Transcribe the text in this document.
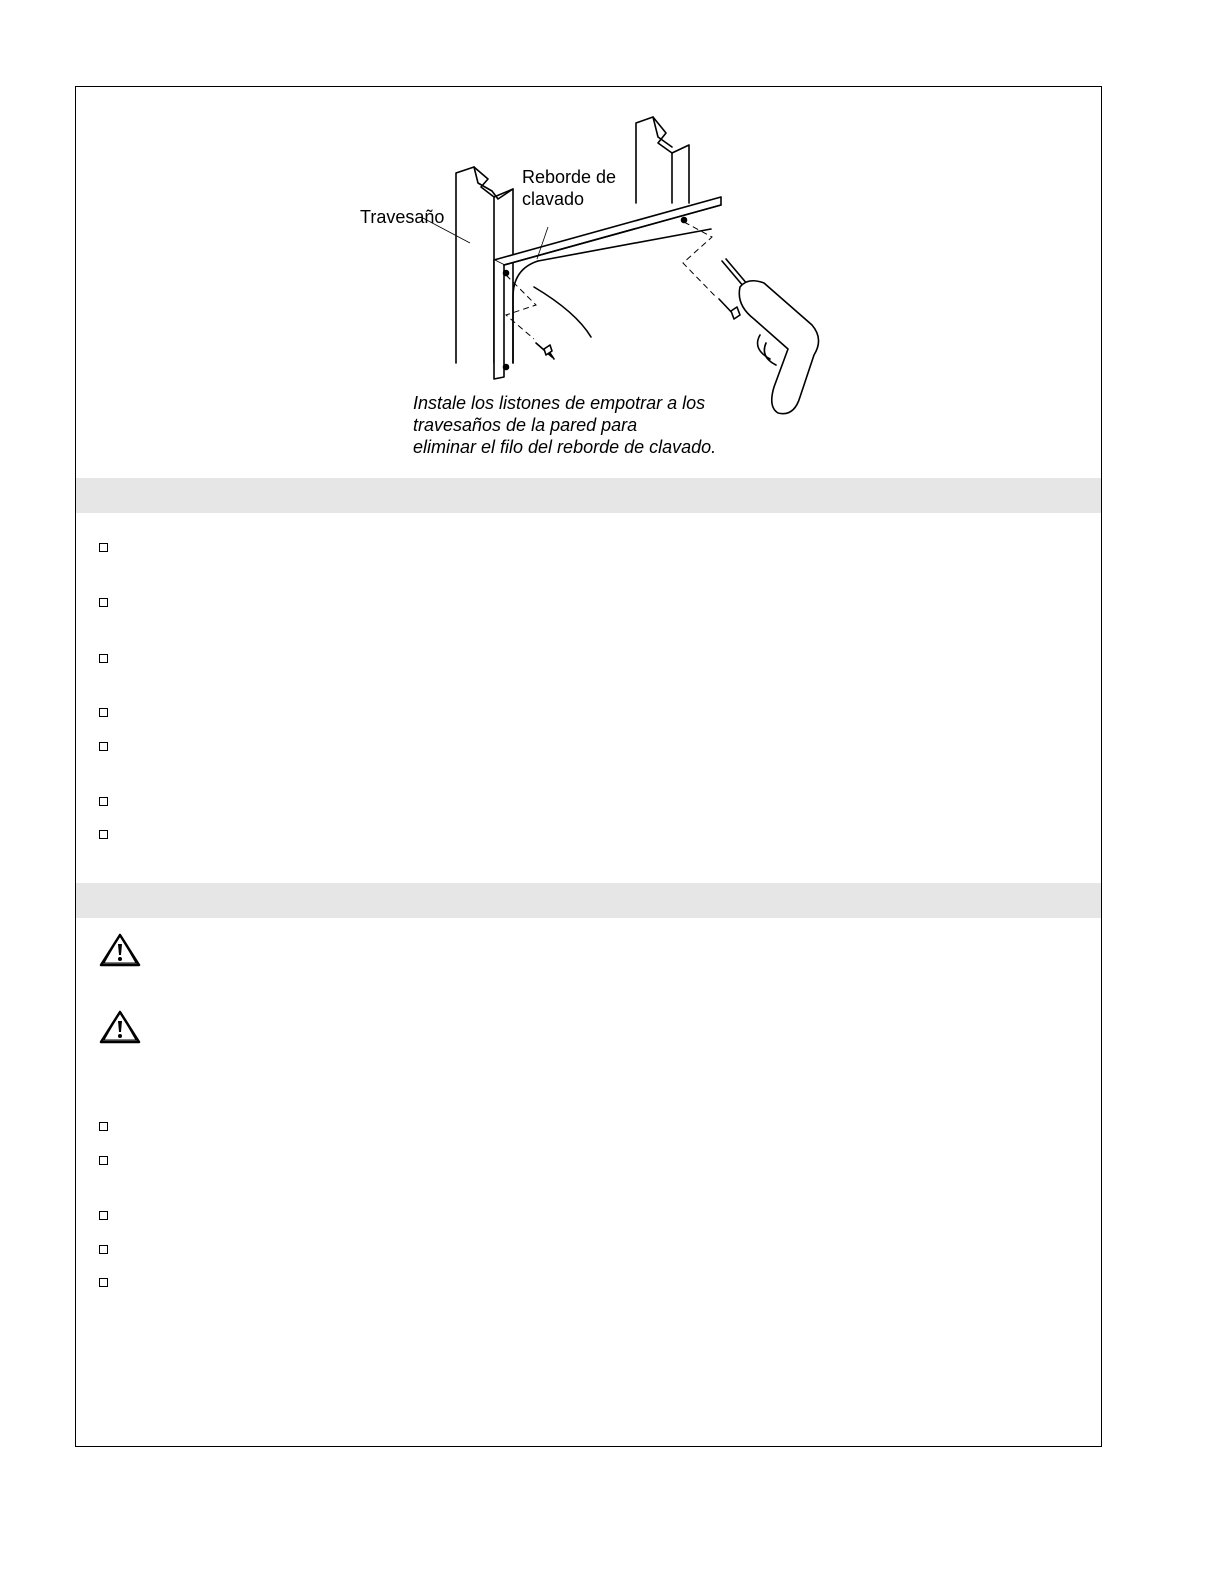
Travesaño
Reborde de
clavado
Instale los listones de empotrar a los
travesaños de la pared para
eliminar el filo del reborde de clavado.
